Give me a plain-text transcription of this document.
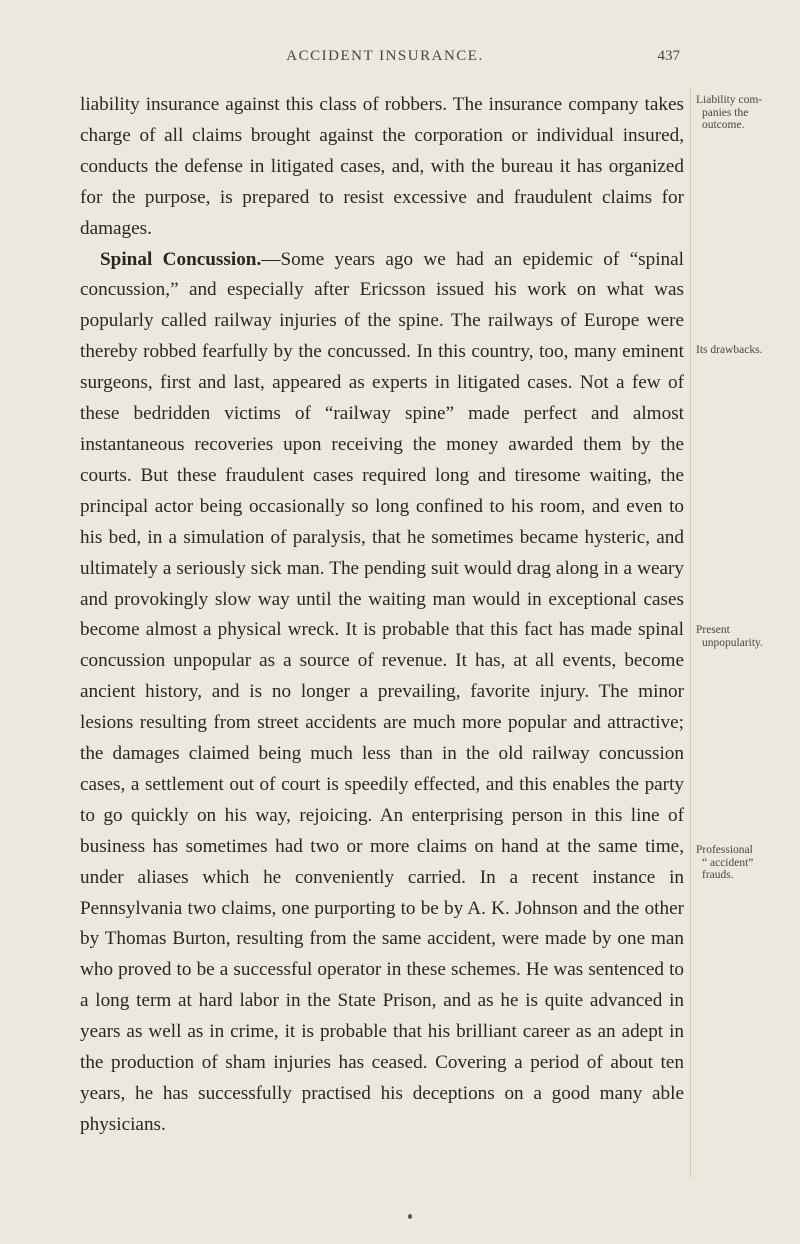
ACCIDENT INSURANCE.	437

liability insurance against this class of robbers. The insurance company takes charge of all claims brought against the corporation or individual insured, conducts the defense in litigated cases, and, with the bureau it has organized for the purpose, is prepared to resist excessive and fraudulent claims for damages.

Spinal Concussion.—Some years ago we had an epidemic of “spinal concussion,” and especially after Ericsson issued his work on what was popularly called railway injuries of the spine. The railways of Europe were thereby robbed fearfully by the concussed. In this country, too, many eminent surgeons, first and last, appeared as experts in litigated cases. Not a few of these bedridden victims of “railway spine” made perfect and almost instantaneous recoveries upon receiving the money awarded them by the courts. But these fraudulent cases required long and tiresome waiting, the principal actor being occasionally so long confined to his room, and even to his bed, in a simulation of paralysis, that he sometimes became hysteric, and ultimately a seriously sick man. The pending suit would drag along in a weary and provokingly slow way until the waiting man would in exceptional cases become almost a physical wreck. It is probable that this fact has made spinal concussion unpopular as a source of revenue. It has, at all events, become ancient history, and is no longer a prevailing, favorite injury. The minor lesions resulting from street accidents are much more popular and attractive; the damages claimed being much less than in the old railway concussion cases, a settlement out of court is speedily effected, and this enables the party to go quickly on his way, rejoicing. An enterprising person in this line of business has sometimes had two or more claims on hand at the same time, under aliases which he conveniently carried. In a recent instance in Pennsylvania two claims, one purporting to be by A. K. Johnson and the other by Thomas Burton, resulting from the same accident, were made by one man who proved to be a successful operator in these schemes. He was sentenced to a long term at hard labor in the State Prison, and as he is quite advanced in years as well as in crime, it is probable that his brilliant career as an adept in the production of sham injuries has ceased. Covering a period of about ten years, he has successfully practised his deceptions on a good many able physicians.

Liability com-
panies the
outcome.
Its drawbacks.
Present
unpopularity.
Professional
“ accident”
frauds.
